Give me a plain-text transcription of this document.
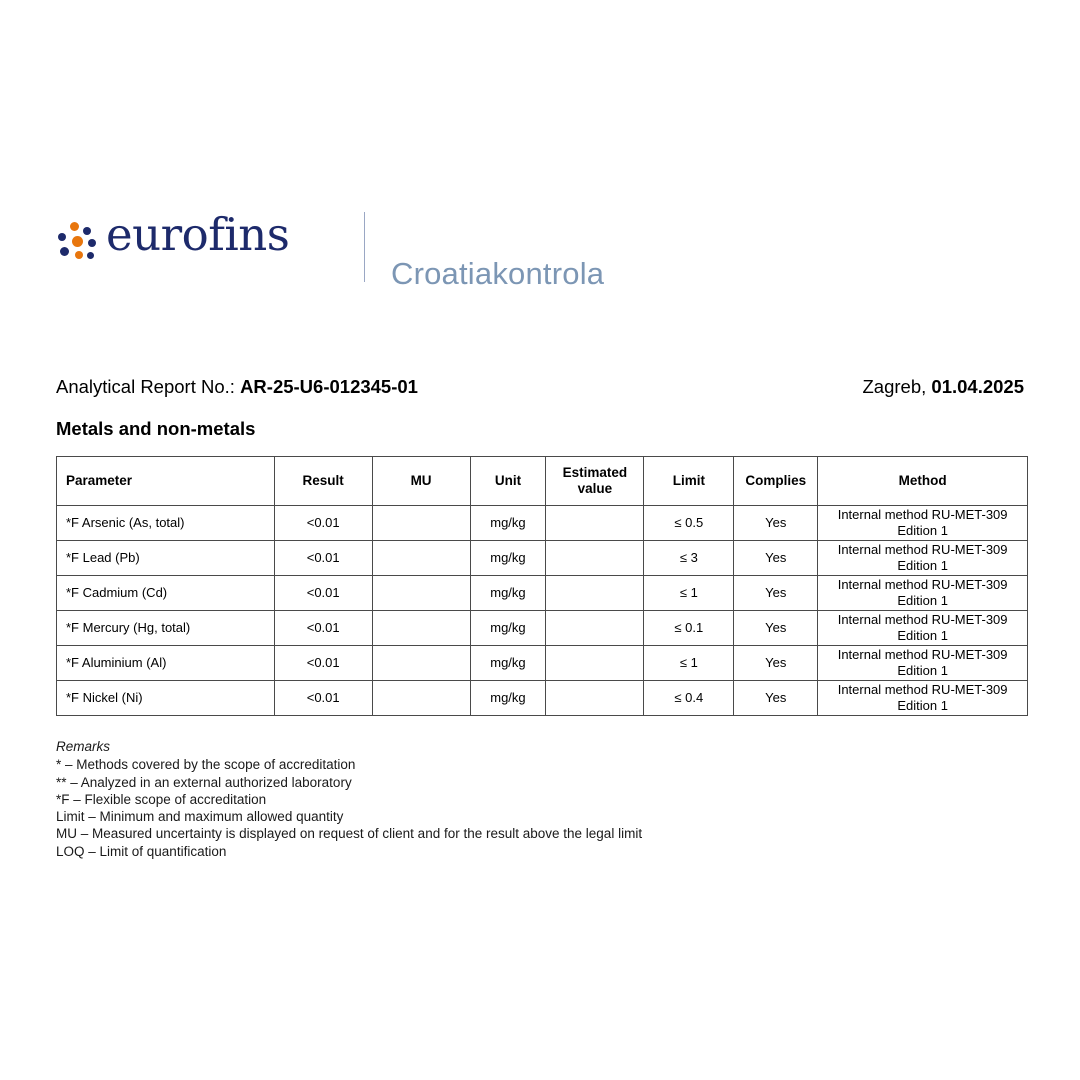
eurofins
Croatiakontrola
Analytical Report No.: AR-25-U6-012345-01	Zagreb, 01.04.2025
Metals and non-metals
Parameter	Result	MU	Unit	Estimated value	Limit	Complies	Method
*F Arsenic (As, total)	<0.01		mg/kg		≤ 0.5	Yes	Internal method RU-MET-309 Edition 1
*F Lead (Pb)	<0.01		mg/kg		≤ 3	Yes	Internal method RU-MET-309 Edition 1
*F Cadmium (Cd)	<0.01		mg/kg		≤ 1	Yes	Internal method RU-MET-309 Edition 1
*F Mercury (Hg, total)	<0.01		mg/kg		≤ 0.1	Yes	Internal method RU-MET-309 Edition 1
*F Aluminium (Al)	<0.01		mg/kg		≤ 1	Yes	Internal method RU-MET-309 Edition 1
*F Nickel (Ni)	<0.01		mg/kg		≤ 0.4	Yes	Internal method RU-MET-309 Edition 1
Remarks
* – Methods covered by the scope of accreditation
** – Analyzed in an external authorized laboratory
*F – Flexible scope of accreditation
Limit – Minimum and maximum allowed quantity
MU – Measured uncertainty is displayed on request of client and for the result above the legal limit
LOQ – Limit of quantification
